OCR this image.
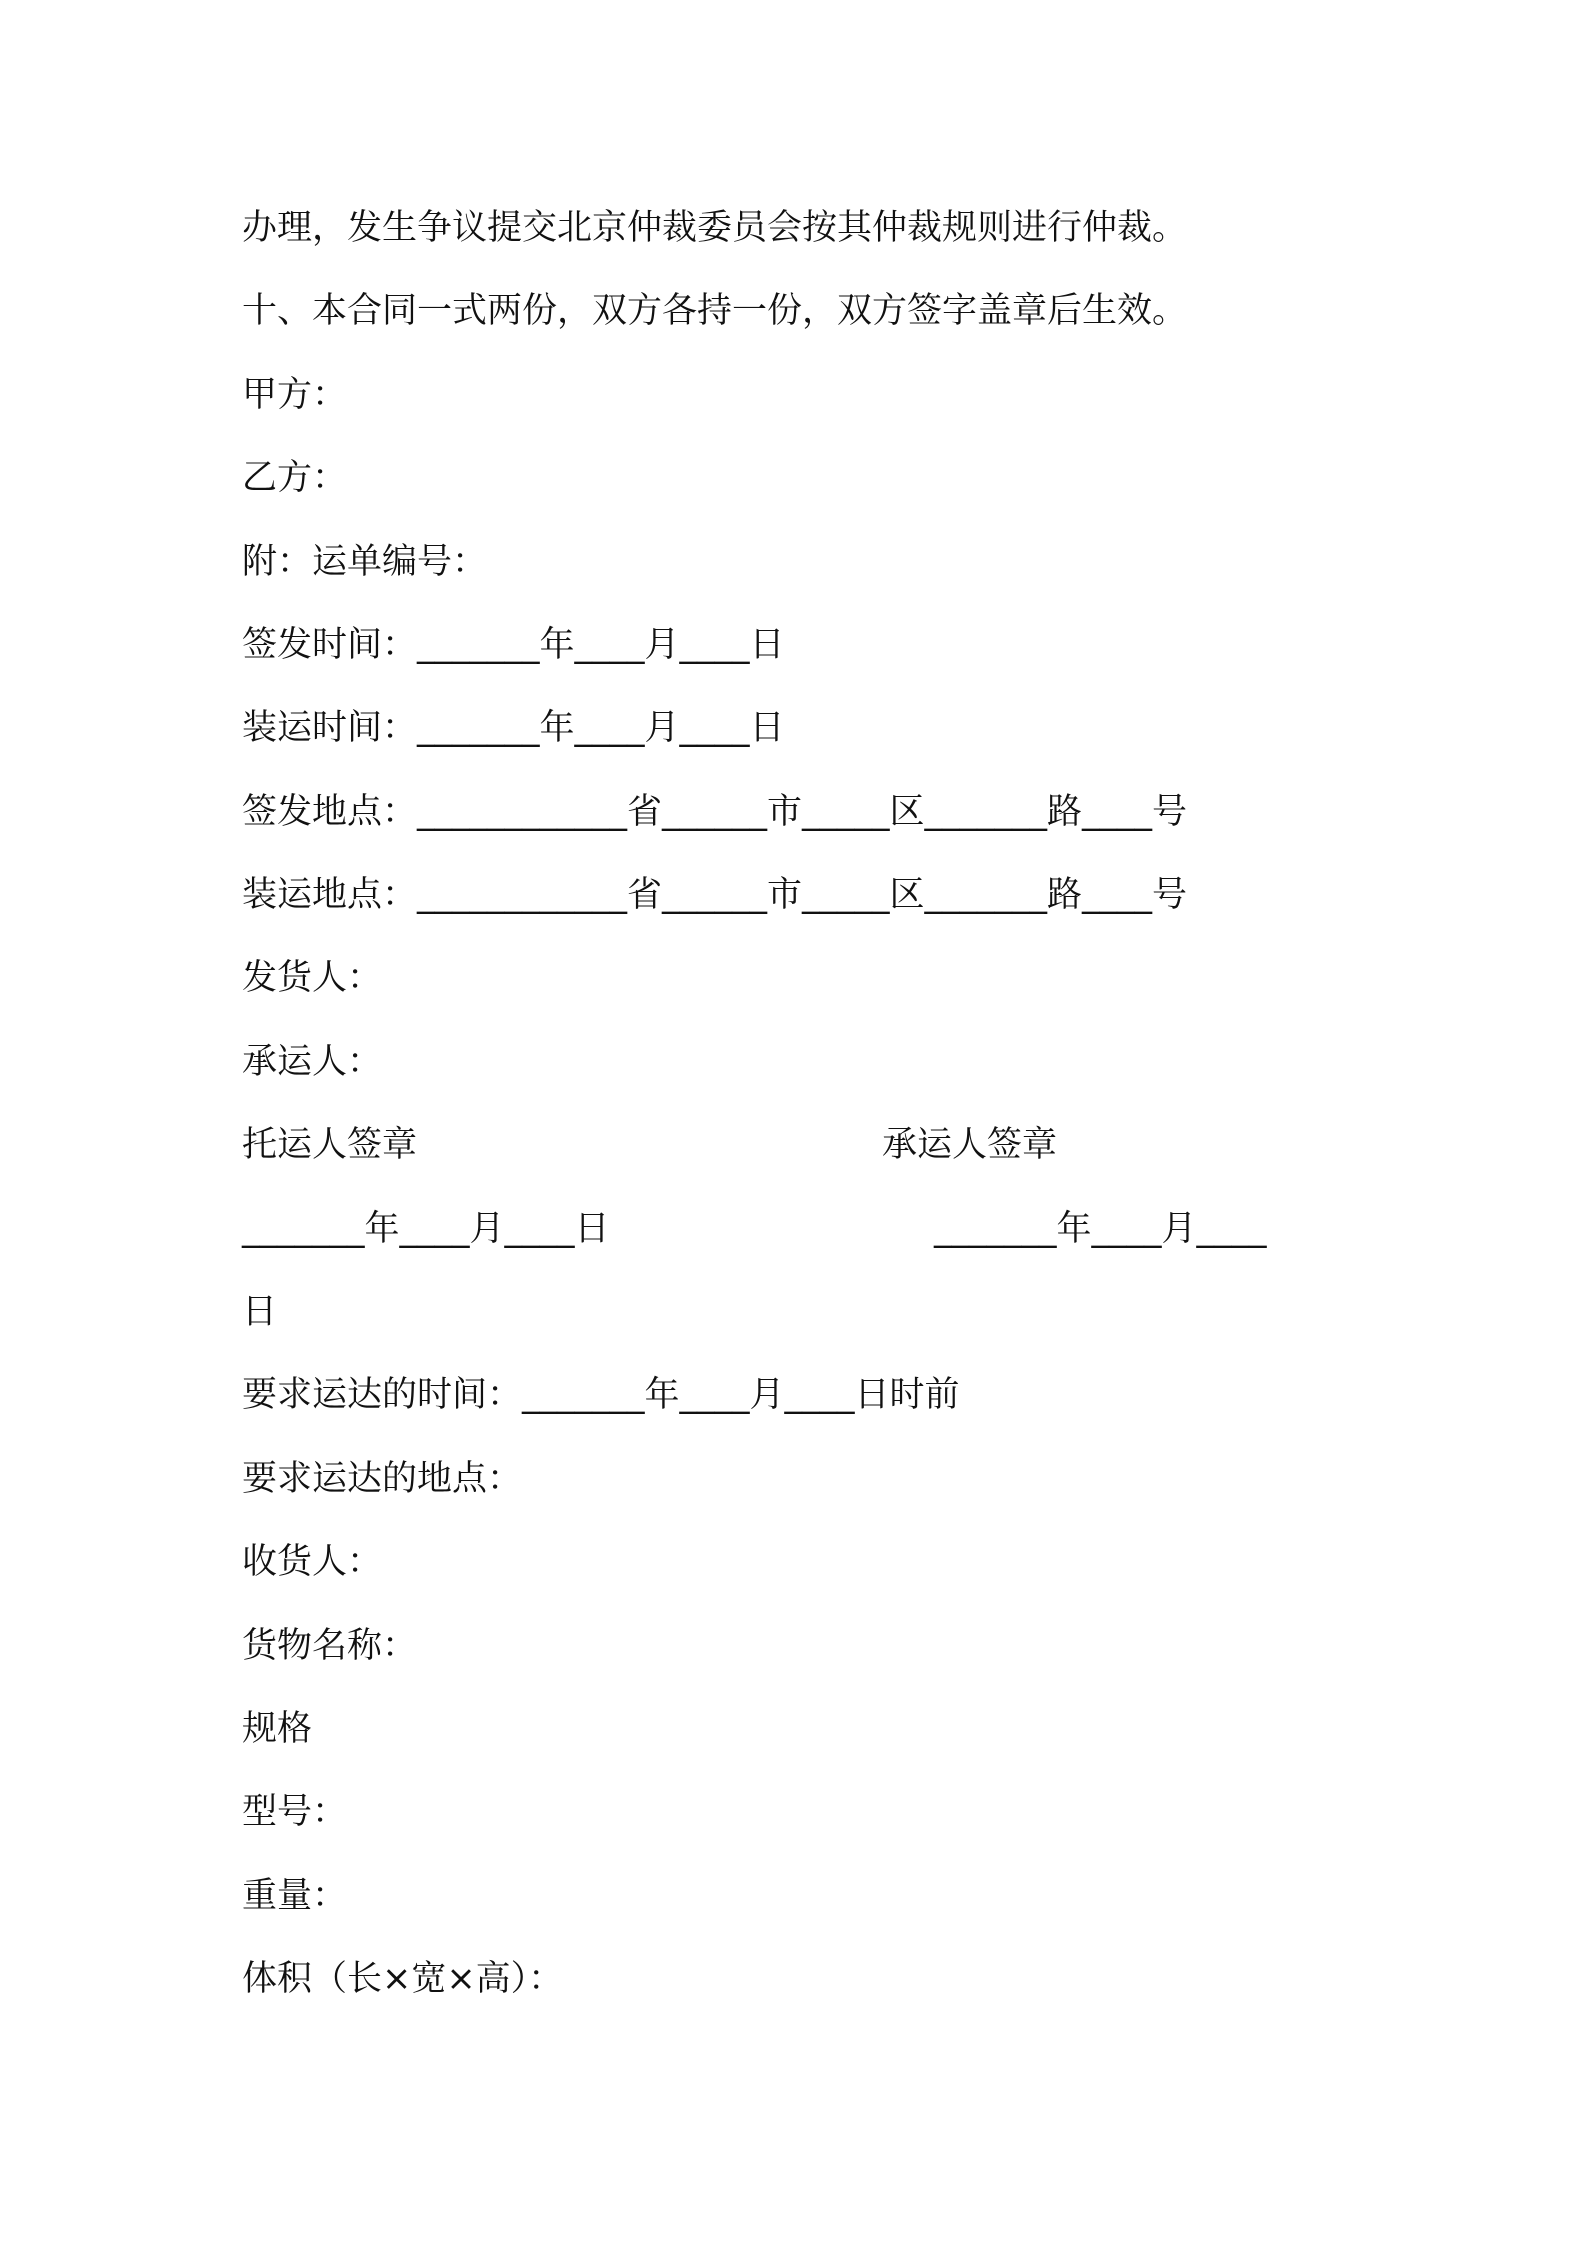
办理，发生争议提交北京仲裁委员会按其仲裁规则进行仲裁。
十、本合同一式两份，双方各持一份，双方签字盖章后生效。
甲方：
乙方：
附：运单编号：
签发时间：_______年____月____日
装运时间：_______年____月____日
签发地点：____________省______市_____区_______路____号
装运地点：____________省______市_____区_______路____号
发货人：
承运人：
托运人签章	承运人签章
_______年____月____日	_______年____月____
日
要求运达的时间：_______年____月____日时前
要求运达的地点：
收货人：
货物名称：
规格
型号：
重量：
体积（长×宽×高）：
